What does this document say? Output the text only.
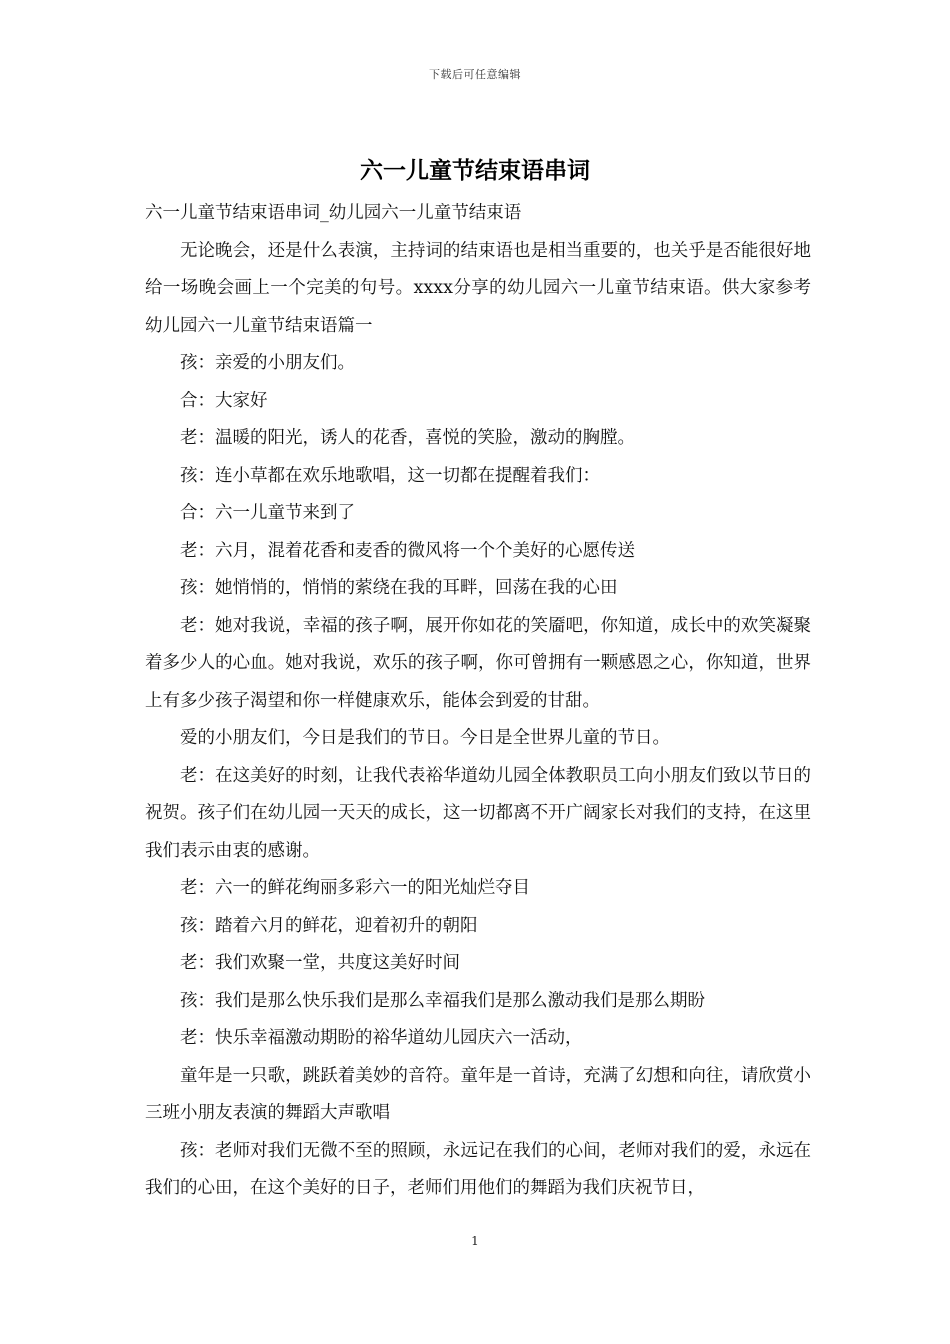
下载后可任意编辑
六一儿童节结束语串词

六一儿童节结束语串词_幼儿园六一儿童节结束语

无论晚会，还是什么表演，主持词的结束语也是相当重要的，也关乎是否能很好地给一场晚会画上一个完美的句号。xxxx分享的幼儿园六一儿童节结束语。供大家参考幼儿园六一儿童节结束语篇一

孩：亲爱的小朋友们。

合：大家好

老：温暖的阳光，诱人的花香，喜悦的笑脸，激动的胸膛。

孩：连小草都在欢乐地歌唱，这一切都在提醒着我们：

合：六一儿童节来到了

老：六月，混着花香和麦香的微风将一个个美好的心愿传送

孩：她悄悄的，悄悄的萦绕在我的耳畔，回荡在我的心田

老：她对我说，幸福的孩子啊，展开你如花的笑靥吧，你知道，成长中的欢笑凝聚着多少人的心血。她对我说，欢乐的孩子啊，你可曾拥有一颗感恩之心，你知道，世界上有多少孩子渴望和你一样健康欢乐，能体会到爱的甘甜。

爱的小朋友们，今日是我们的节日。今日是全世界儿童的节日。

老：在这美好的时刻，让我代表裕华道幼儿园全体教职员工向小朋友们致以节日的祝贺。孩子们在幼儿园一天天的成长，这一切都离不开广阔家长对我们的支持，在这里我们表示由衷的感谢。

老：六一的鲜花绚丽多彩六一的阳光灿烂夺目

孩：踏着六月的鲜花，迎着初升的朝阳

老：我们欢聚一堂，共度这美好时间

孩：我们是那么快乐我们是那么幸福我们是那么激动我们是那么期盼

老：快乐幸福激动期盼的裕华道幼儿园庆六一活动，

童年是一只歌，跳跃着美妙的音符。童年是一首诗，充满了幻想和向往，请欣赏小三班小朋友表演的舞蹈大声歌唱

孩：老师对我们无微不至的照顾，永远记在我们的心间，老师对我们的爱，永远在我们的心田，在这个美好的日子，老师们用他们的舞蹈为我们庆祝节日，

1
